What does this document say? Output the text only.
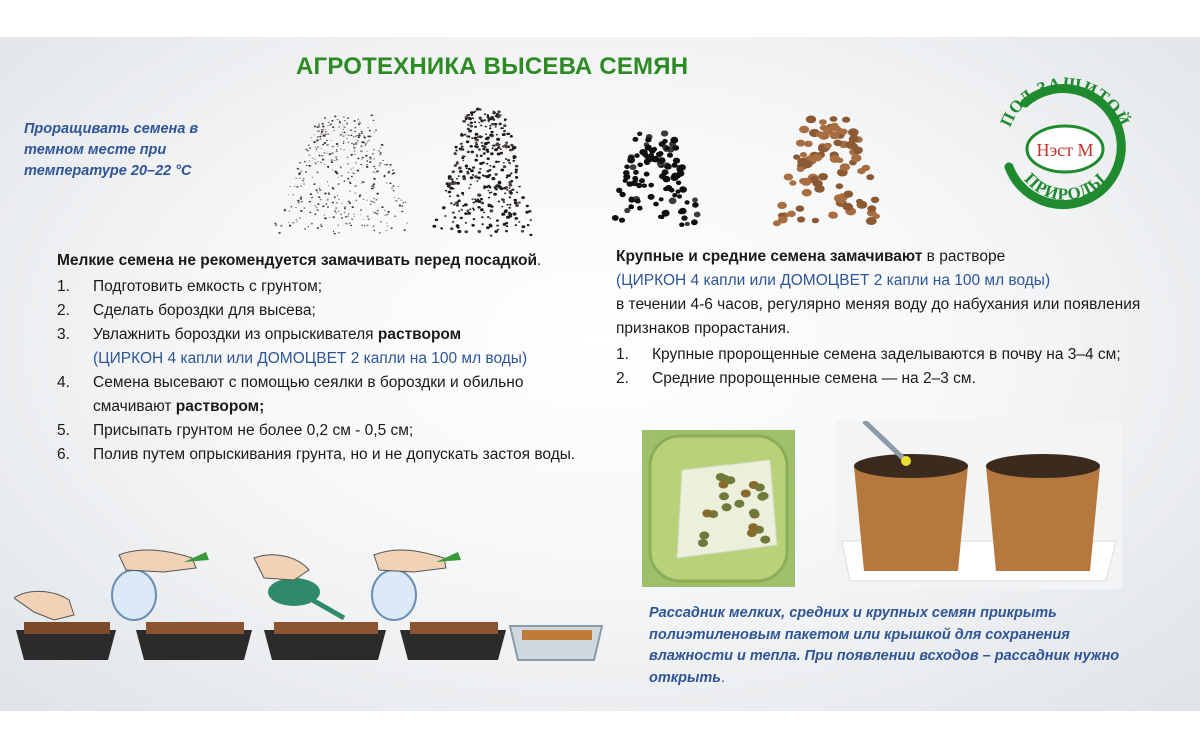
АГРОТЕХНИКА ВЫСЕВА СЕМЯН
Проращивать семена в темном месте при температуре 20–22 °С
ПОД ЗАЩИТОЙ
Нэст М
ПРИРОДЫ
Мелкие семена не рекомендуется замачивать перед посадкой.
1. Подготовить емкость с грунтом;
2. Сделать бороздки для высева;
3. Увлажнить бороздки из опрыскивателя раствором
(ЦИРКОН 4 капли или ДОМОЦВЕТ 2 капли на 100 мл воды)
4. Семена высевают с помощью сеялки в бороздки и обильно смачивают раствором;
5. Присыпать грунтом не более 0,2 см - 0,5 см;
6. Полив путем опрыскивания грунта, но и не допускать застоя воды.
Крупные и средние семена замачивают в растворе
(ЦИРКОН 4 капли или ДОМОЦВЕТ 2 капли на 100 мл воды)
в течении 4-6 часов, регулярно меняя воду до набухания или появления признаков прорастания.
1. Крупные пророщенные семена заделываются в почву на 3–4 см;
2. Средние пророщенные семена — на 2–3 см.
Рассадник мелких, средних и крупных семян прикрыть полиэтиленовым пакетом или крышкой для сохранения влажности и тепла. При появлении всходов – рассадник нужно открыть.
